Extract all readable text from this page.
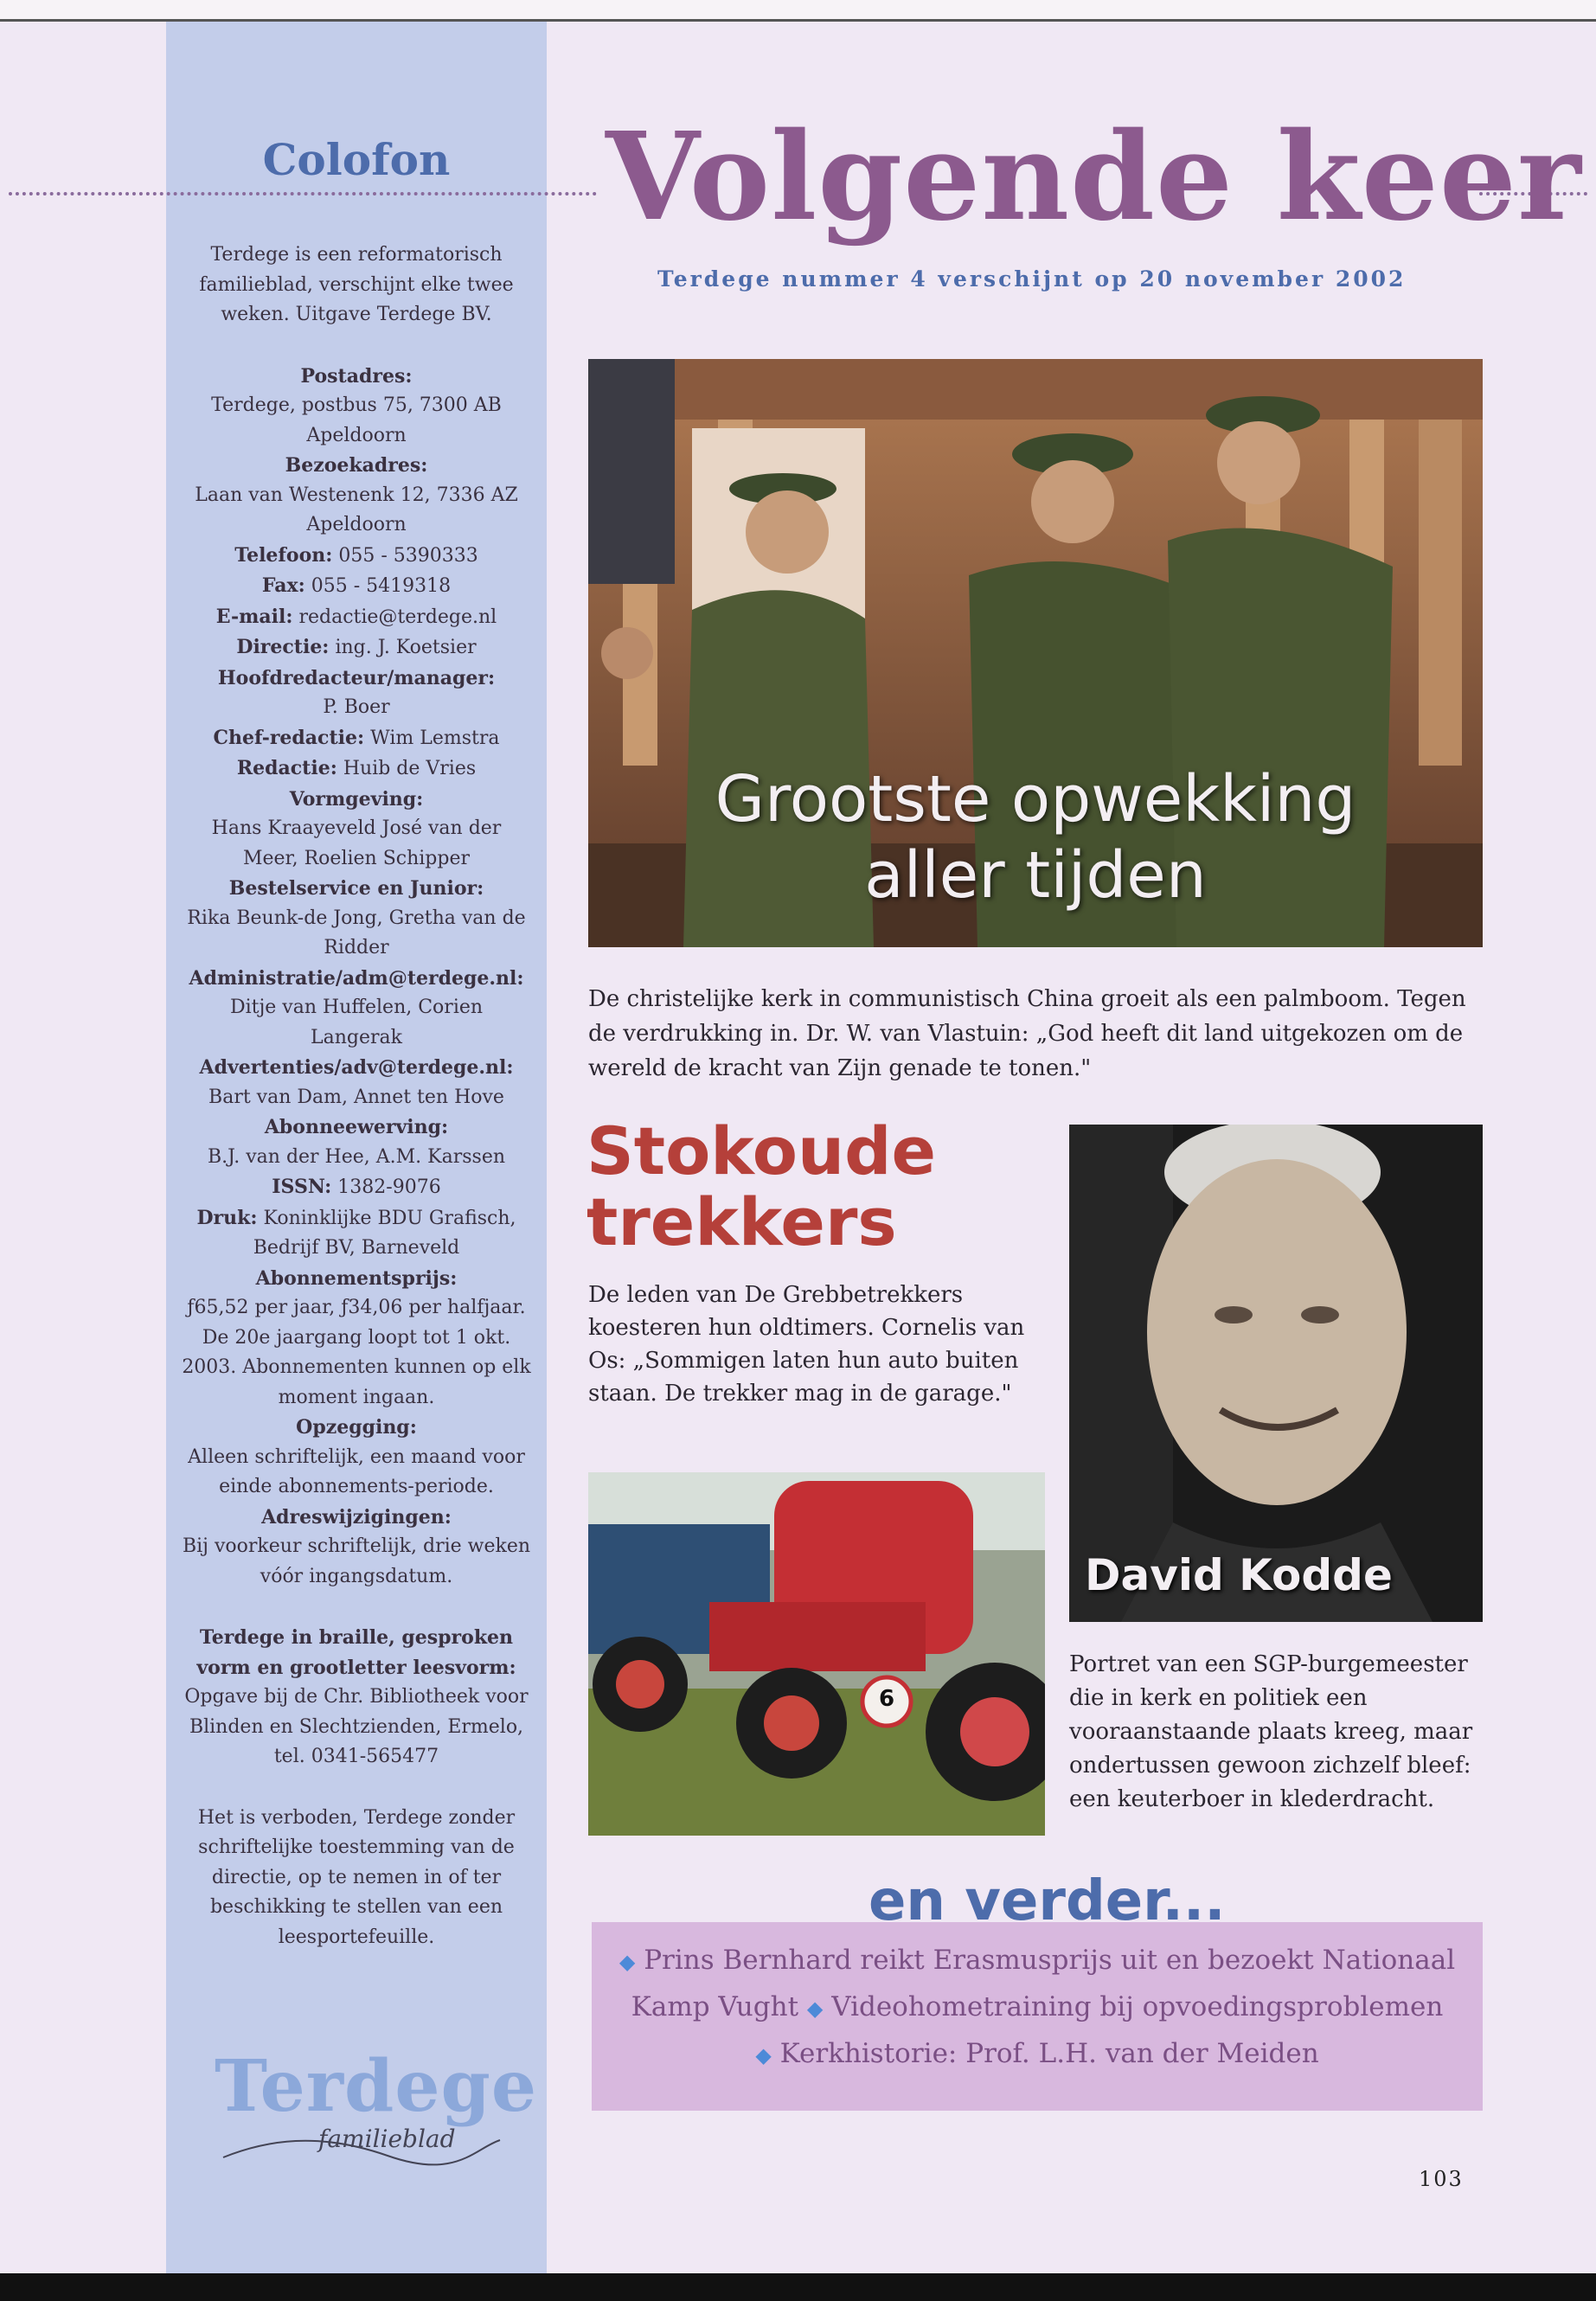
Colofon

Terdege is een reformatorisch familieblad, verschijnt elke twee weken. Uitgave Terdege BV.

Postadres:

Terdege, postbus 75, 7300 AB Apeldoorn

Bezoekadres:

Laan van Westenenk 12, 7336 AZ Apeldoorn

Telefoon: 055 - 5390333

Fax: 055 - 5419318

E-mail: redactie@terdege.nl

Directie: ing. J. Koetsier

Hoofdredacteur/manager:

P. Boer

Chef-redactie: Wim Lemstra

Redactie: Huib de Vries

Vormgeving:

Hans Kraayeveld José van der Meer, Roelien Schipper

Bestelservice en Junior:

Rika Beunk-de Jong, Gretha van de Ridder

Administratie/adm@terdege.nl:

Ditje van Huffelen, Corien Langerak

Advertenties/adv@terdege.nl:

Bart van Dam, Annet ten Hove

Abonneewerving:

B.J. van der Hee, A.M. Karssen

ISSN: 1382-9076

Druk: Koninklijke BDU Grafisch, Bedrijf BV, Barneveld

Abonnementsprijs:

ƒ65,52 per jaar, ƒ34,06 per halfjaar. De 20e jaargang loopt tot 1 okt. 2003. Abonnementen kunnen op elk moment ingaan.

Opzegging:

Alleen schriftelijk, een maand voor einde abonnements-periode.

Adreswijzigingen:

Bij voorkeur schriftelijk, drie weken vóór ingangsdatum.

Terdege in braille, gesproken vorm en grootletter leesvorm:

Opgave bij de Chr. Bibliotheek voor Blinden en Slechtzienden, Ermelo, tel. 0341-565477

Het is verboden, Terdege zonder schriftelijke toestemming van de directie, op te nemen in of ter beschikking te stellen van een leesportefeuille.

Terdege
familieblad
Volgende keer
Terdege nummer 4 verschijnt op 20 november 2002
Grootste opwekking
aller tijden

De christelijke kerk in communistisch China groeit als een palmboom. Tegen de verdrukking in. Dr. W. van Vlastuin: „God heeft dit land uitgekozen om de wereld de kracht van Zijn genade te tonen."

Stokoude
trekkers

De leden van De Grebbetrekkers koesteren hun oldtimers. Cornelis van Os: „Sommigen laten hun auto buiten staan. De trekker mag in de garage."

6
David Kodde

Portret van een SGP-burgemeester die in kerk en politiek een vooraanstaande plaats kreeg, maar ondertussen gewoon zichzelf bleef: een keuterboer in klederdracht.

en verder...
◆ Prins Bernhard reikt Erasmusprijs uit en bezoekt Nationaal Kamp Vught ◆ Videohometraining bij opvoedingsproblemen
◆ Kerkhistorie: Prof. L.H. van der Meiden
103
